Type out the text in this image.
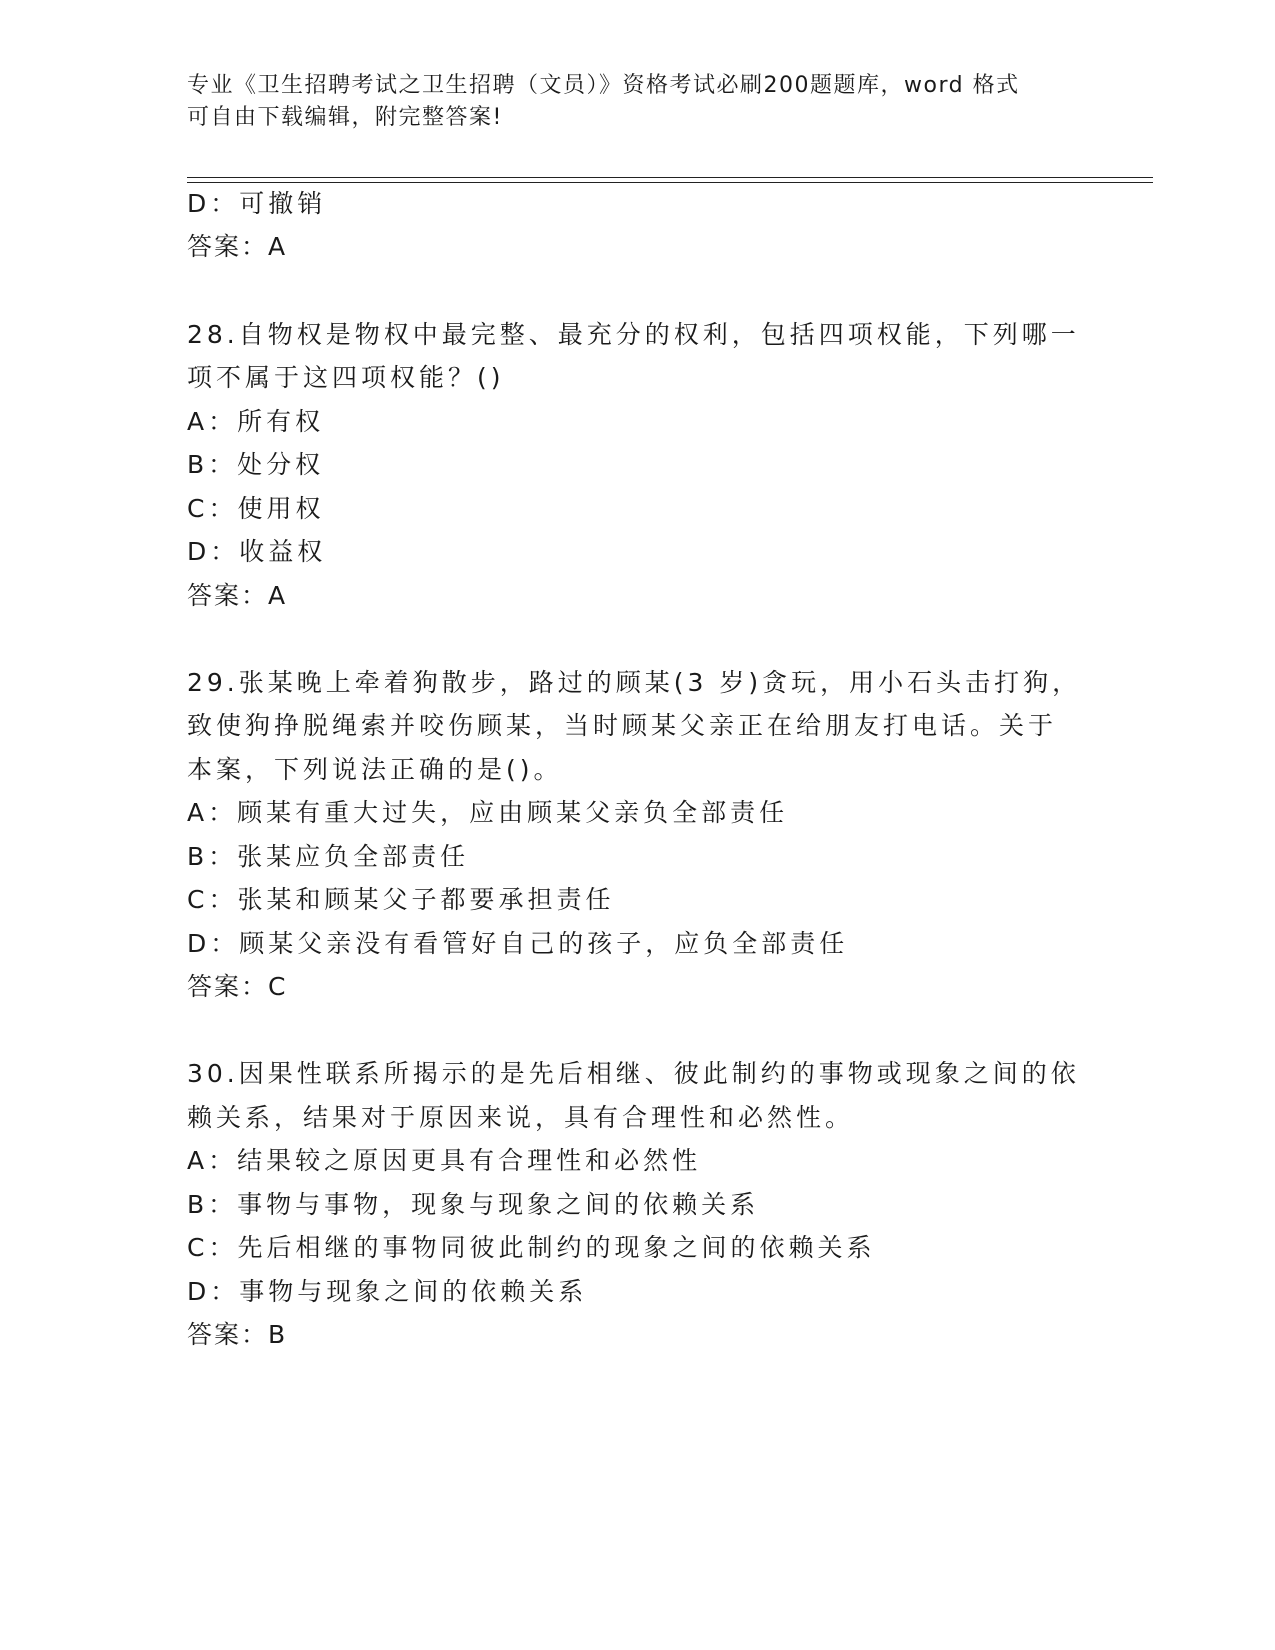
专业《卫生招聘考试之卫生招聘（文员）》资格考试必刷200题题库，word 格式
可自由下载编辑，附完整答案!
D：可撤销
答案：A
28.自物权是物权中最完整、最充分的权利，包括四项权能，下列哪一
项不属于这四项权能？()
A：所有权
B：处分权
C：使用权
D：收益权
答案：A
29.张某晚上牵着狗散步，路过的顾某(3 岁)贪玩，用小石头击打狗，
致使狗挣脱绳索并咬伤顾某，当时顾某父亲正在给朋友打电话。关于
本案，下列说法正确的是()。
A：顾某有重大过失，应由顾某父亲负全部责任
B：张某应负全部责任
C：张某和顾某父子都要承担责任
D：顾某父亲没有看管好自己的孩子，应负全部责任
答案：C
30.因果性联系所揭示的是先后相继、彼此制约的事物或现象之间的依
赖关系，结果对于原因来说，具有合理性和必然性。
A：结果较之原因更具有合理性和必然性
B：事物与事物，现象与现象之间的依赖关系
C：先后相继的事物同彼此制约的现象之间的依赖关系
D：事物与现象之间的依赖关系
答案：B
